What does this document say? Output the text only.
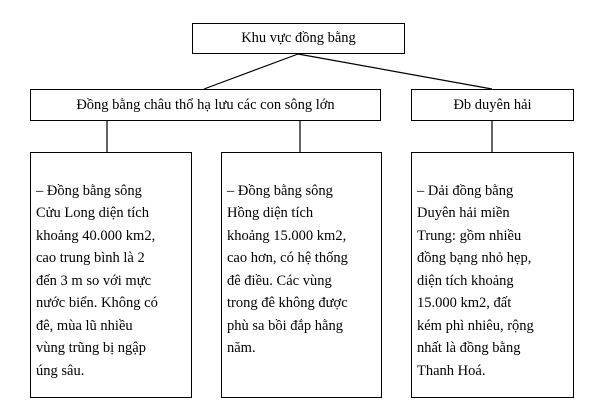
Khu vực đồng bằng
Đồng bằng châu thổ hạ lưu các con sông lớn	Đb duyên hải

– Đồng bằng sông
Cửu Long diện tích
khoảng 40.000 km2,
cao trung bình là 2
đến 3 m so với mực
nước biển. Không có
đê, mùa lũ nhiều
vùng trũng bị ngập
úng sâu.

– Đồng bằng sông
Hồng diện tích
khoảng 15.000 km2,
cao hơn, có hệ thống
đê điều. Các vùng
trong đê không được
phù sa bồi đắp hằng
năm.

– Dải đồng bằng
Duyên hải miền
Trung: gồm nhiều
đồng bạng nhỏ hẹp,
diện tích khoảng
15.000 km2, đất
kém phì nhiêu, rộng
nhất là đồng bằng
Thanh Hoá.
